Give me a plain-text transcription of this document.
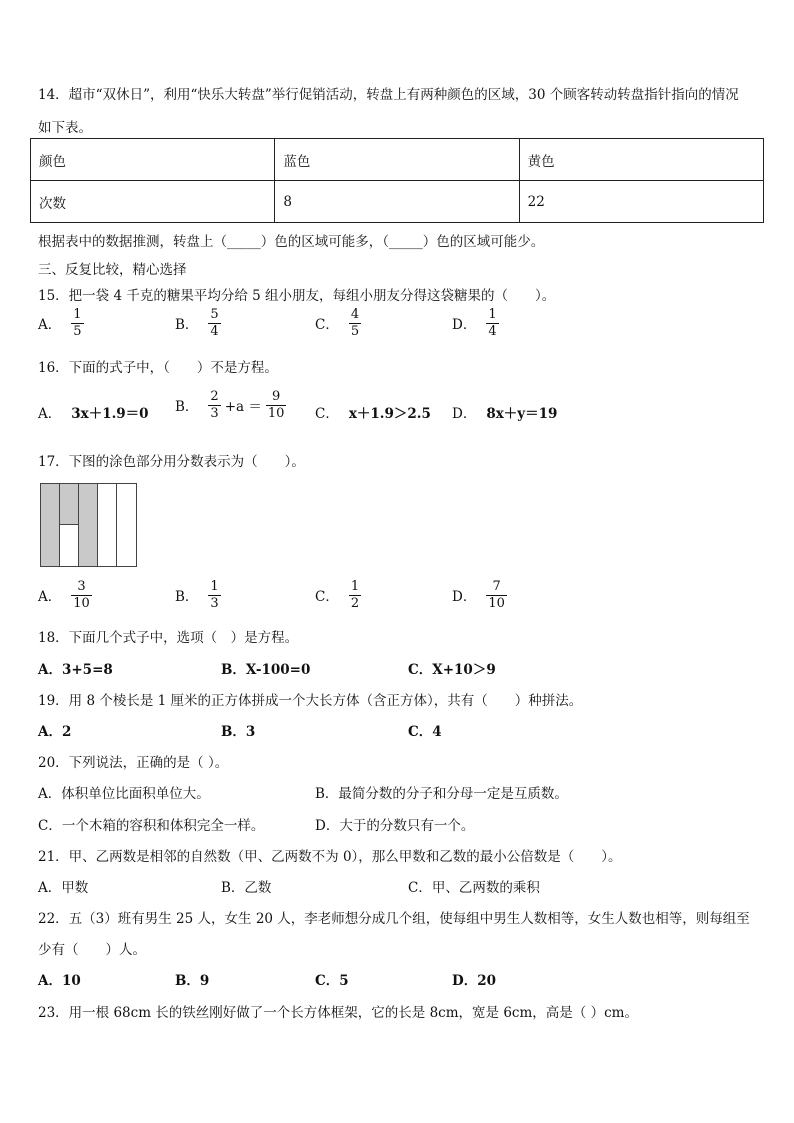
14．超市“双休日”，利用“快乐大转盘”举行促销活动，转盘上有两种颜色的区域，30 个顾客转动转盘指针指向的情况
如下表。
颜色	蓝色	黄色
次数	8	22
根据表中的数据推测，转盘上（_____）色的区域可能多，（_____）色的区域可能少。
三、反复比较，精心选择
15．把一袋 4 千克的糖果平均分给 5 组小朋友，每组小朋友分得这袋糖果的（　　）。
A． $\frac{1}{5}$	B． $\frac{5}{4}$	C． $\frac{4}{5}$	D． $\frac{1}{4}$
16．下面的式子中，（　　）不是方程。
A． 3x＋1.9＝0 B． $\frac{2}{3} +a = \frac{9}{10}$ C． x＋1.9＞2.5 D． 8x＋y＝19
17．下图的涂色部分用分数表示为（　　）。
A． $\frac{3}{10}$	B． $\frac{1}{3}$	C． $\frac{1}{2}$	D． $\frac{7}{10}$
18．下面几个式子中，选项（　）是方程。
A．3+5=8	B．X-100=0	C．X+10＞9
19．用 8 个棱长是 1 厘米的正方体拼成一个大长方体（含正方体），共有（　　）种拼法。
A．2	B．3	C．4
20．下列说法，正确的是（ ）。
A．体积单位比面积单位大。	B．最简分数的分子和分母一定是互质数。
C．一个木箱的容积和体积完全一样。	D．大于的分数只有一个。
21．甲、乙两数是相邻的自然数（甲、乙两数不为 0），那么甲数和乙数的最小公倍数是（　　）。
A．甲数	B．乙数	C．甲、乙两数的乘积
22．五（3）班有男生 25 人，女生 20 人，李老师想分成几个组，使每组中男生人数相等，女生人数也相等，则每组至
少有（　　）人。
A．10	B．9	C．5	D．20
23．用一根 68cm 长的铁丝刚好做了一个长方体框架，它的长是 8cm，宽是 6cm，高是（ ）cm。
